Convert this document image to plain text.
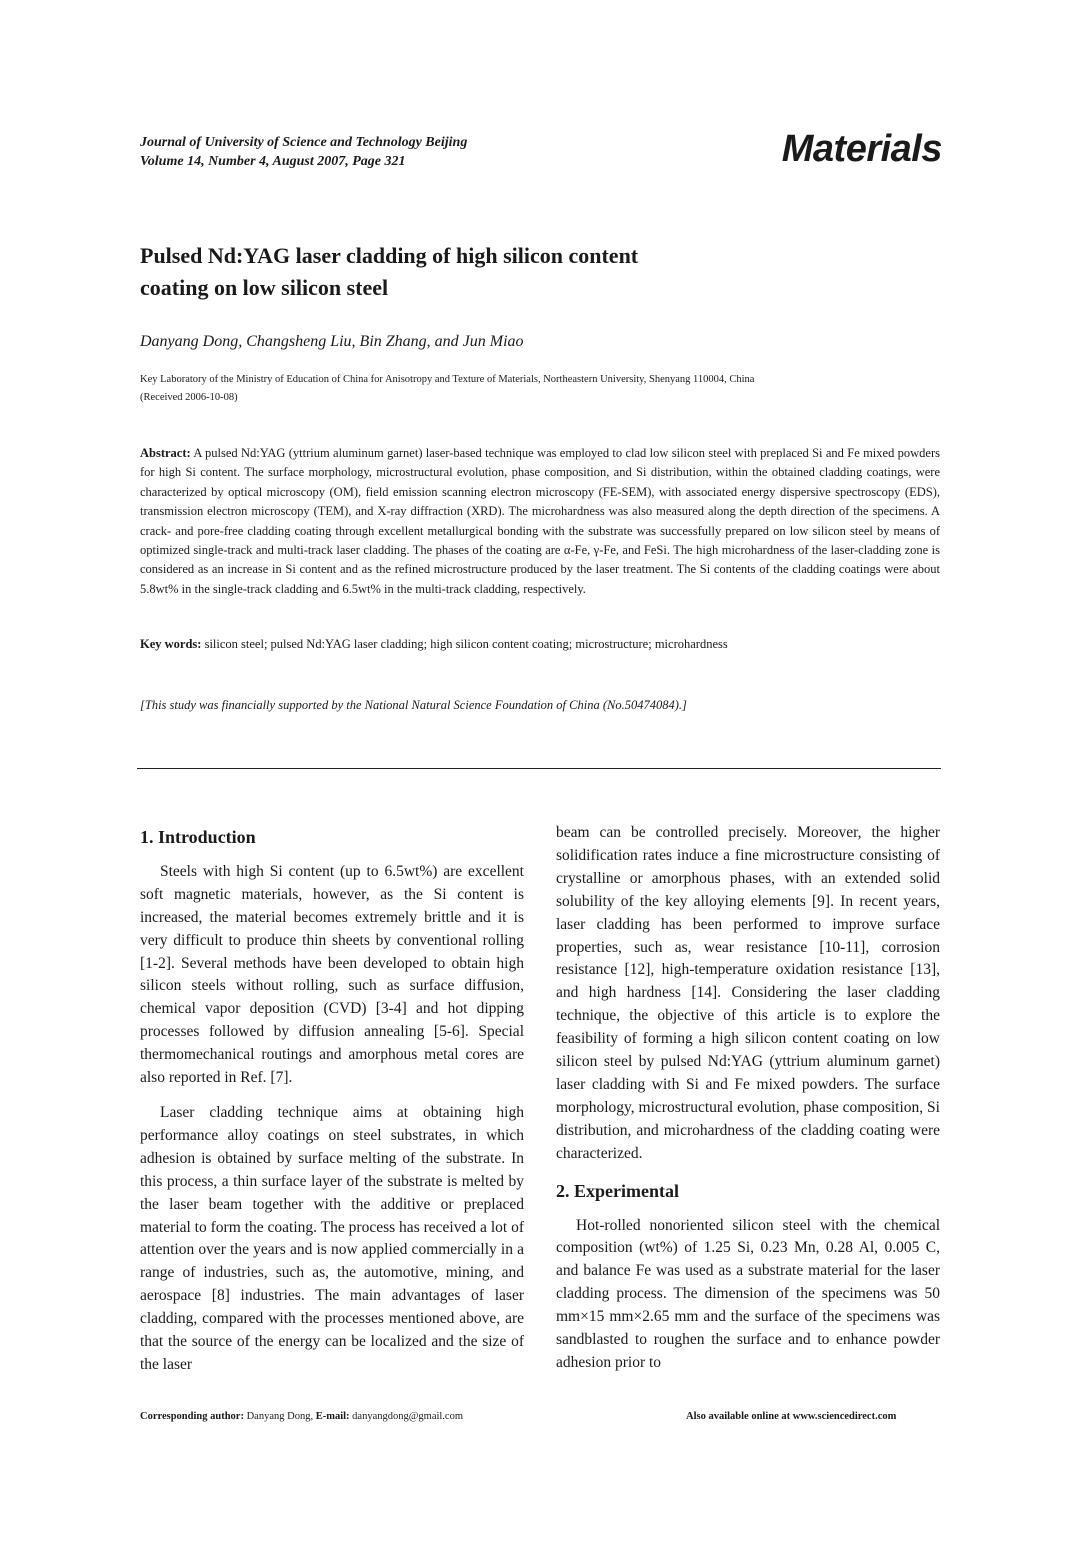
Journal of University of Science and Technology Beijing
Volume 14, Number 4, August 2007, Page 321	Materials
Pulsed Nd:YAG laser cladding of high silicon content
coating on low silicon steel
Danyang Dong, Changsheng Liu, Bin Zhang, and Jun Miao
Key Laboratory of the Ministry of Education of China for Anisotropy and Texture of Materials, Northeastern University, Shenyang 110004, China
(Received 2006-10-08)
Abstract: A pulsed Nd:YAG (yttrium aluminum garnet) laser-based technique was employed to clad low silicon steel with preplaced Si and Fe mixed powders for high Si content. The surface morphology, microstructural evolution, phase composition, and Si distribution, within the obtained cladding coatings, were characterized by optical microscopy (OM), field emission scanning electron microscopy (FE-SEM), with associated energy dispersive spectroscopy (EDS), transmission electron microscopy (TEM), and X-ray diffraction (XRD). The microhardness was also measured along the depth direction of the specimens. A crack- and pore-free cladding coating through excellent metallurgical bonding with the substrate was successfully prepared on low silicon steel by means of optimized single-track and multi-track laser cladding. The phases of the coating are α-Fe, γ-Fe, and FeSi. The high microhardness of the laser-cladding zone is considered as an increase in Si content and as the refined microstructure produced by the laser treatment. The Si contents of the cladding coatings were about 5.8wt% in the single-track cladding and 6.5wt% in the multi-track cladding, respectively.
Key words: silicon steel; pulsed Nd:YAG laser cladding; high silicon content coating; microstructure; microhardness
[This study was financially supported by the National Natural Science Foundation of China (No.50474084).]
1. Introduction

Steels with high Si content (up to 6.5wt%) are excellent soft magnetic materials, however, as the Si content is increased, the material becomes extremely brittle and it is very difficult to produce thin sheets by conventional rolling [1-2]. Several methods have been developed to obtain high silicon steels without rolling, such as surface diffusion, chemical vapor deposition (CVD) [3-4] and hot dipping processes followed by diffusion annealing [5-6]. Special thermomechanical routings and amorphous metal cores are also reported in Ref. [7].

Laser cladding technique aims at obtaining high performance alloy coatings on steel substrates, in which adhesion is obtained by surface melting of the substrate. In this process, a thin surface layer of the substrate is melted by the laser beam together with the additive or preplaced material to form the coating. The process has received a lot of attention over the years and is now applied commercially in a range of industries, such as, the automotive, mining, and aerospace [8] industries. The main advantages of laser cladding, compared with the processes mentioned above, are that the source of the energy can be localized and the size of the laser

beam can be controlled precisely. Moreover, the higher solidification rates induce a fine microstructure consisting of crystalline or amorphous phases, with an extended solid solubility of the key alloying elements [9]. In recent years, laser cladding has been performed to improve surface properties, such as, wear resistance [10-11], corrosion resistance [12], high-temperature oxidation resistance [13], and high hardness [14]. Considering the laser cladding technique, the objective of this article is to explore the feasibility of forming a high silicon content coating on low silicon steel by pulsed Nd:YAG (yttrium aluminum garnet) laser cladding with Si and Fe mixed powders. The surface morphology, microstructural evolution, phase composition, Si distribution, and microhardness of the cladding coating were characterized.

2. Experimental

Hot-rolled nonoriented silicon steel with the chemical composition (wt%) of 1.25 Si, 0.23 Mn, 0.28 Al, 0.005 C, and balance Fe was used as a substrate material for the laser cladding process. The dimension of the specimens was 50 mm×15 mm×2.65 mm and the surface of the specimens was sandblasted to roughen the surface and to enhance powder adhesion prior to

Corresponding author: Danyang Dong, E-mail: danyangdong@gmail.com	Also available online at www.sciencedirect.com
